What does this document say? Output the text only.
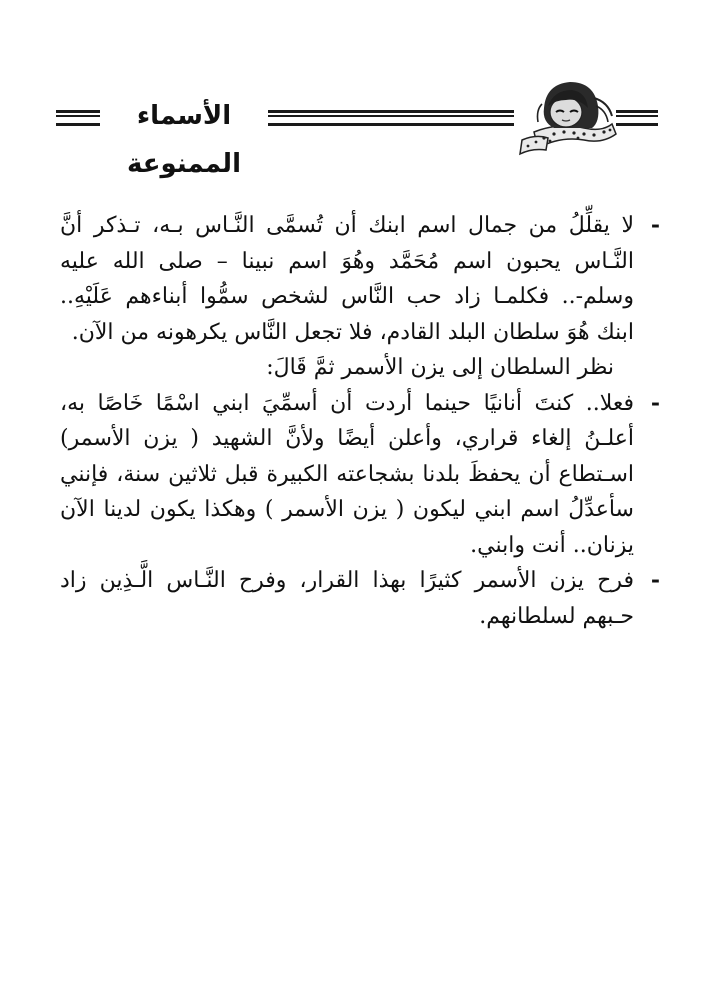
الأسماء الممنوعة

-
لا يقلِّلُ من جمال اسم ابنك أن تُسمَّى النَّـاس بـه، تـذكر أنَّ النَّـاس يحبون اسم مُحَمَّد وهُوَ اسم نبينا – صلى الله عليه وسلم-.. فكلمـا زاد حب النَّاس لشخص سمُّوا أبناءهم عَلَيْهِ.. ابنك هُوَ سلطان البلد القادم، فلا تجعل النَّاس يكرهونه من الآن.

نظر السلطان إلى يزن الأسمر ثمَّ قَالَ:

-
فعلا.. كنتَ أنانيًا حينما أردت أن أسمِّيَ ابني اسْمًا خَاصًا به، أعلـنُ إلغاء قراري، وأعلن أيضًا ولأنَّ الشهيد ( يزن الأسمر) اسـتطاع أن يحفظَ بلدنا بشجاعته الكبيرة قبل ثلاثين سنة، فإنني سأعدِّلُ اسم ابني ليكون ( يزن الأسمر ) وهكذا يكون لدينا الآن يزنان.. أنت وابني.

-
فرح يزن الأسمر كثيرًا بهذا القرار، وفرح النَّـاس الَّـذِين زاد حـبهم لسلطانهم.
